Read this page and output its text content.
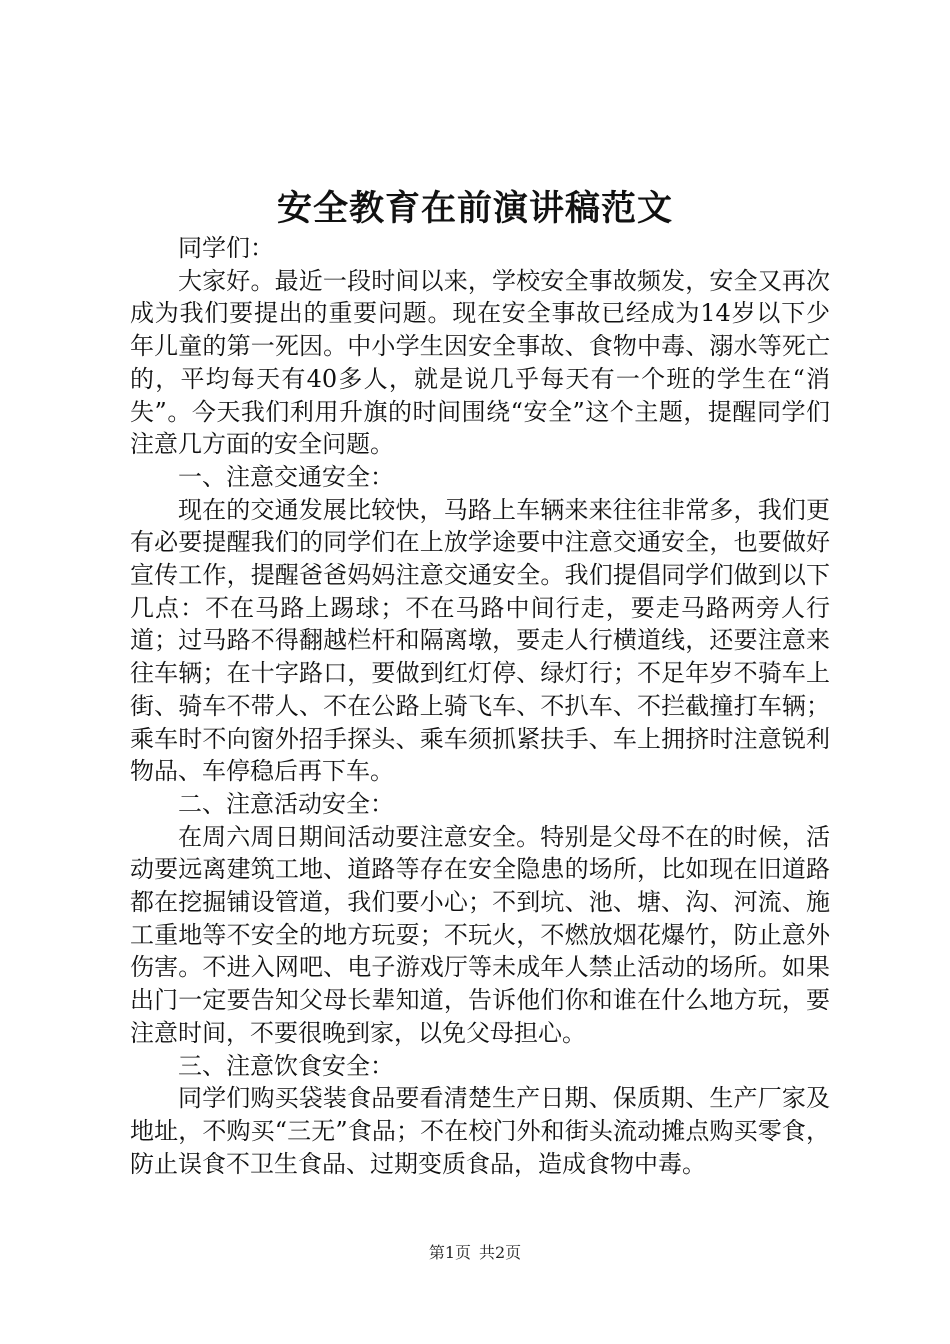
安全教育在前演讲稿范文

同学们：

大家好。最近一段时间以来，学校安全事故频发，安全又再次成为我们要提出的重要问题。现在安全事故已经成为14岁以下少年儿童的第一死因。中小学生因安全事故、食物中毒、溺水等死亡的，平均每天有40多人，就是说几乎每天有一个班的学生在“消失”。今天我们利用升旗的时间围绕“安全”这个主题，提醒同学们注意几方面的安全问题。

一、注意交通安全：

现在的交通发展比较快，马路上车辆来来往往非常多，我们更有必要提醒我们的同学们在上放学途要中注意交通安全，也要做好宣传工作，提醒爸爸妈妈注意交通安全。我们提倡同学们做到以下几点：不在马路上踢球；不在马路中间行走，要走马路两旁人行道；过马路不得翻越栏杆和隔离墩，要走人行横道线，还要注意来往车辆；在十字路口，要做到红灯停、绿灯行；不足年岁不骑车上街、骑车不带人、不在公路上骑飞车、不扒车、不拦截撞打车辆；乘车时不向窗外招手探头、乘车须抓紧扶手、车上拥挤时注意锐利物品、车停稳后再下车。

二、注意活动安全：

在周六周日期间活动要注意安全。特别是父母不在的时候，活动要远离建筑工地、道路等存在安全隐患的场所，比如现在旧道路都在挖掘铺设管道，我们要小心；不到坑、池、塘、沟、河流、施工重地等不安全的地方玩耍；不玩火，不燃放烟花爆竹，防止意外伤害。不进入网吧、电子游戏厅等未成年人禁止活动的场所。如果出门一定要告知父母长辈知道，告诉他们你和谁在什么地方玩，要注意时间，不要很晚到家，以免父母担心。

三、注意饮食安全：

同学们购买袋装食品要看清楚生产日期、保质期、生产厂家及地址，不购买“三无”食品；不在校门外和街头流动摊点购买零食，防止误食不卫生食品、过期变质食品，造成食物中毒。

第1页 共2页
